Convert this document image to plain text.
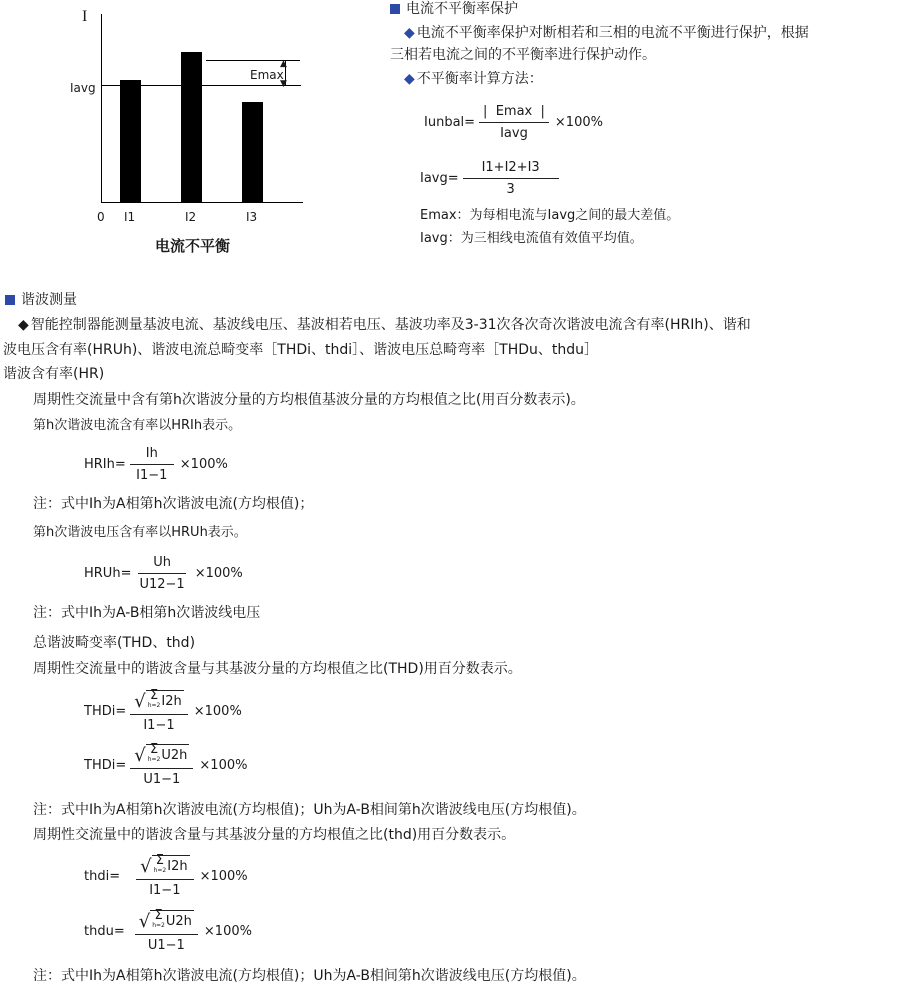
I
▲
▼
Emax
Iavg
0 I1	I2	I3
电流不平衡
电流不平衡率保护
◆ 电流不平衡率保护对断相若和三相的电流不平衡进行保护，根据
三相若电流之间的不平衡率进行保护动作。
◆ 不平衡率计算方法：
Iunbal= $\frac{| Emax |}{\text{Iavg}} \times 100\%$
Iavg= $\frac{I1+I2+I3}{3}$
Emax：为每相电流与Iavg之间的最大差值。
Iavg：为三相线电流值有效值平均值。
谐波测量
◆ 智能控制器能测量基波电流、基波线电压、基波相若电压、基波功率及3-31次各次奇次谐波电流含有率(HRIh)、谐和
波电压含有率(HRUh)、谐波电流总畸变率［THDi、thdi］、谐波电压总畸弯率［THDu、thdu］
谐波含有率(HR)
周期性交流量中含有第h次谐波分量的方均根值基波分量的方均根值之比(用百分数表示)。
第h次谐波电流含有率以HRIh表示。
HRIh= $\frac{Ih}{I1-1} \times 100\%$
注：式中Ih为A相第h次谐波电流(方均根值)；
第h次谐波电压含有率以HRUh表示。
HRUh= $\frac{Uh}{U12-1} \times 100\%$
注：式中Ih为A-B相第h次谐波线电压
总谐波畸变率(THD、thd)
周期性交流量中的谐波含量与其基波分量的方均根值之比(THD)用百分数表示。
THDi= √ Σ
h=2 I2h
I1−1 ×100%
THDi= √ Σ
h=2 U2h
U1−1 ×100%
注：式中Ih为A相第h次谐波电流(方均根值)；Uh为A-B相间第h次谐波线电压(方均根值)。
周期性交流量中的谐波含量与其基波分量的方均根值之比(thd)用百分数表示。
thdi= √ Σ
h=2 I2h
I1−1 ×100%
thdu= √ Σ
h=2 U2h
U1−1 ×100%
注：式中Ih为A相第h次谐波电流(方均根值)；Uh为A-B相间第h次谐波线电压(方均根值)。
